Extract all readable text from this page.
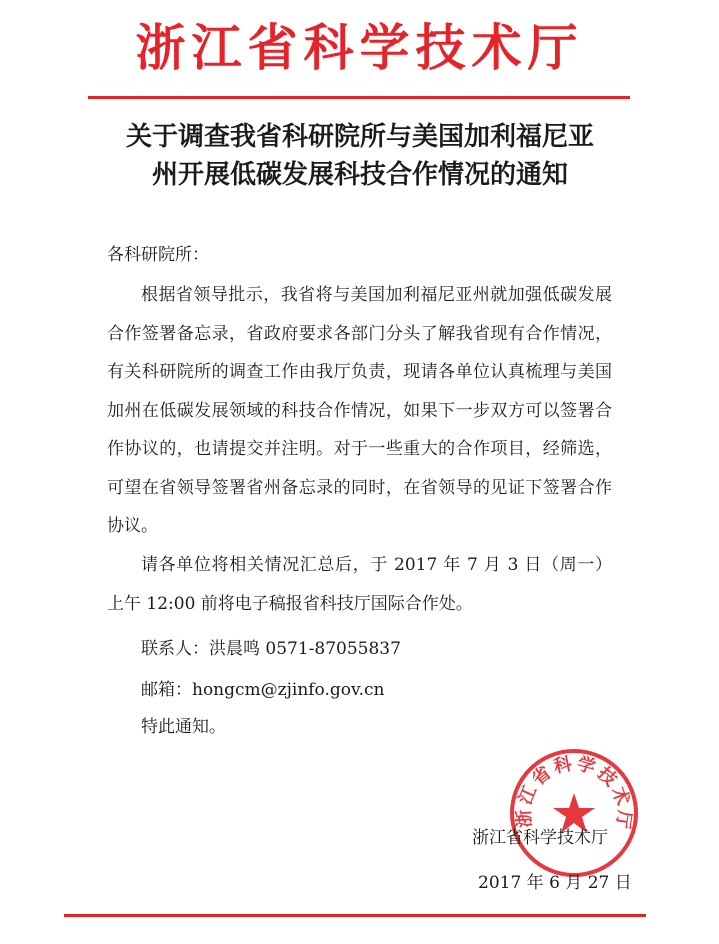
浙江省科学技术厅
关于调查我省科研院所与美国加利福尼亚
州开展低碳发展科技合作情况的通知
各科研院所：
根据省领导批示，我省将与美国加利福尼亚州就加强低碳发展合作签署备忘录，省政府要求各部门分头了解我省现有合作情况，有关科研院所的调查工作由我厅负责，现请各单位认真梳理与美国加州在低碳发展领域的科技合作情况，如果下一步双方可以签署合作协议的，也请提交并注明。对于一些重大的合作项目，经筛选，可望在省领导签署省州备忘录的同时，在省领导的见证下签署合作协议。
请各单位将相关情况汇总后，于 2017 年 7 月 3 日（周一）上午 12:00 前将电子稿报省科技厅国际合作处。
联系人：洪晨鸣 0571-87055837
邮箱：hongcm@zjinfo.gov.cn
特此通知。
浙江省科学技术厅
浙江省科学技术厅
2017 年 6 月 27 日
